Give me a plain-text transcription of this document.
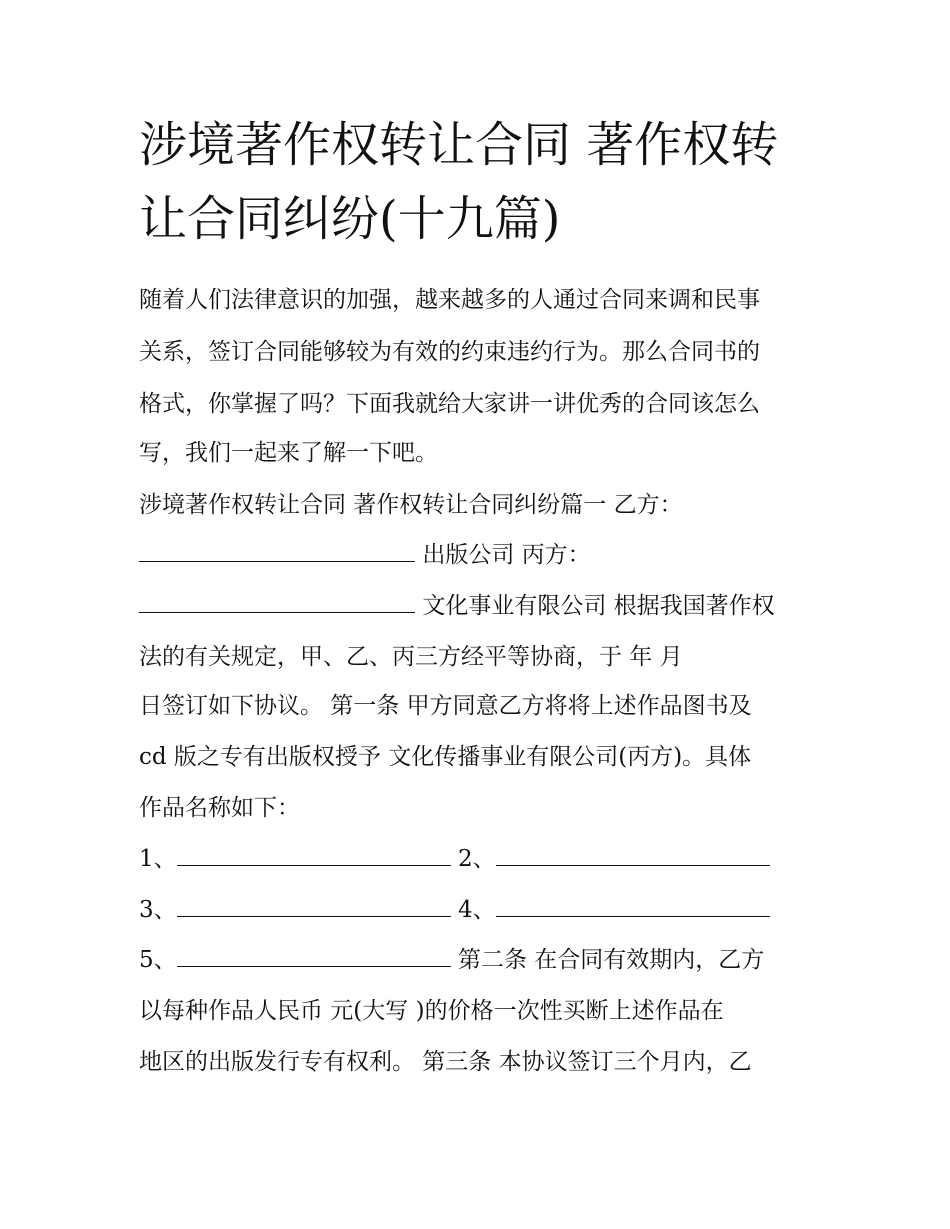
涉境著作权转让合同 著作权转让合同纠纷(十九篇)
随着人们法律意识的加强，越来越多的人通过合同来调和民事
关系，签订合同能够较为有效的约束违约行为。那么合同书的
格式，你掌握了吗？下面我就给大家讲一讲优秀的合同该怎么
写，我们一起来了解一下吧。
涉境著作权转让合同 著作权转让合同纠纷篇一 乙方：
出版公司 丙方：
文化事业有限公司 根据我国著作权
法的有关规定，甲、乙、丙三方经平等协商，于 年 月
日签订如下协议。 第一条 甲方同意乙方将将上述作品图书及
cd 版之专有出版权授予 文化传播事业有限公司(丙方)。具体
作品名称如下：
1、	2、
3、	4、
5、	第二条 在合同有效期内，乙方
以每种作品人民币 元(大写 )的价格一次性买断上述作品在
地区的出版发行专有权利。 第三条 本协议签订三个月内，乙
